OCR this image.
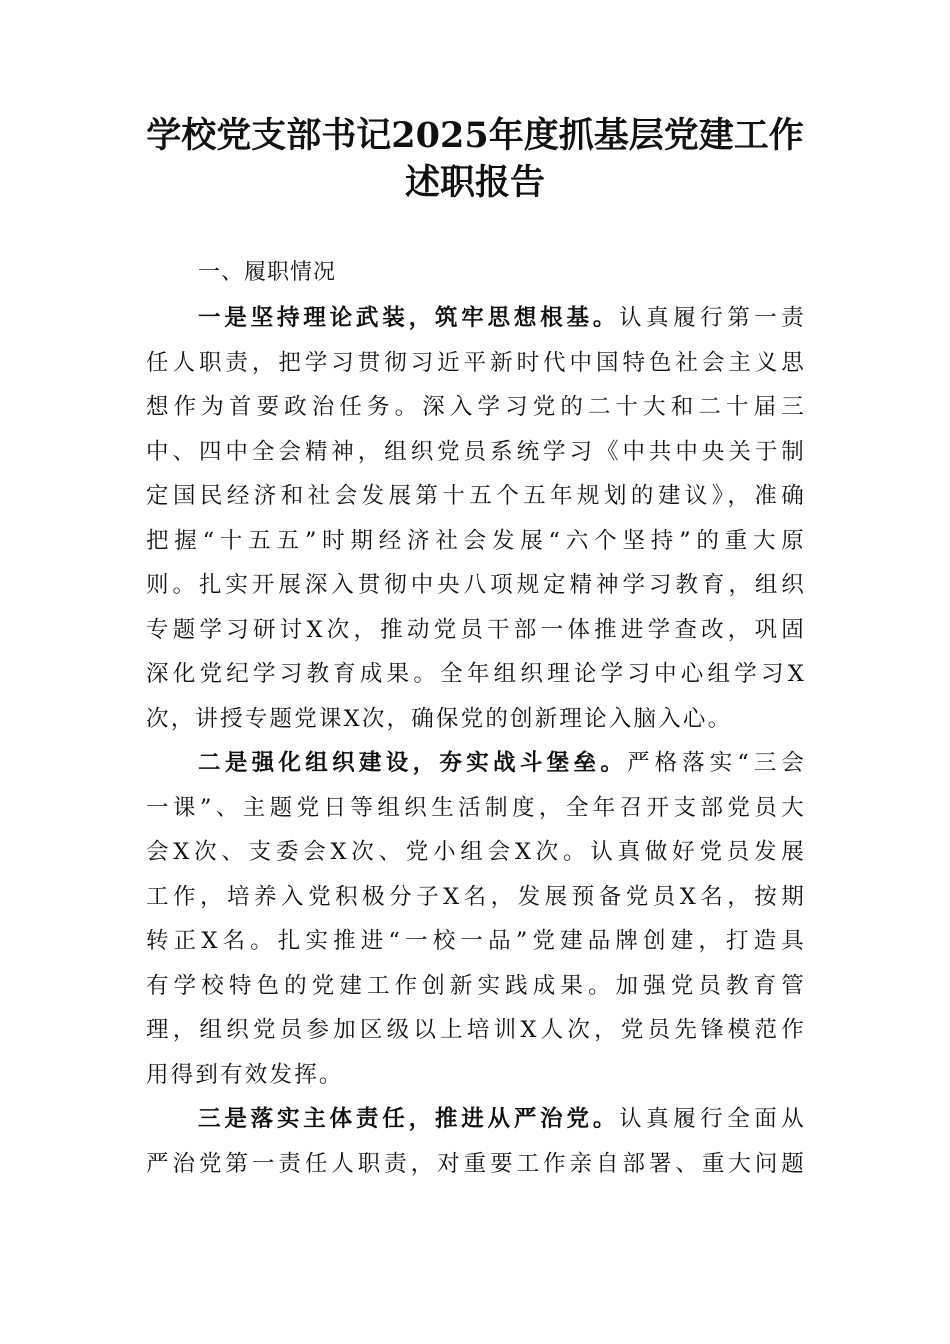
学校党支部书记2025年度抓基层党建工作
述职报告
一、履职情况
一是坚持理论武装，筑牢思想根基。认真履行第一责
任人职责，把学习贯彻习近平新时代中国特色社会主义思
想作为首要政治任务。深入学习党的二十大和二十届三
中、四中全会精神，组织党员系统学习《中共中央关于制
定国民经济和社会发展第十五个五年规划的建议》，准确
把握“十五五”时期经济社会发展“六个坚持”的重大原
则。扎实开展深入贯彻中央八项规定精神学习教育，组织
专题学习研讨X次，推动党员干部一体推进学查改，巩固
深化党纪学习教育成果。全年组织理论学习中心组学习X
次，讲授专题党课X次，确保党的创新理论入脑入心。
二是强化组织建设，夯实战斗堡垒。严格落实“三会
一课”、主题党日等组织生活制度，全年召开支部党员大
会X次、支委会X次、党小组会X次。认真做好党员发展
工作，培养入党积极分子X名，发展预备党员X名，按期
转正X名。扎实推进“一校一品”党建品牌创建，打造具
有学校特色的党建工作创新实践成果。加强党员教育管
理，组织党员参加区级以上培训X人次，党员先锋模范作
用得到有效发挥。
三是落实主体责任，推进从严治党。认真履行全面从
严治党第一责任人职责，对重要工作亲自部署、重大问题
